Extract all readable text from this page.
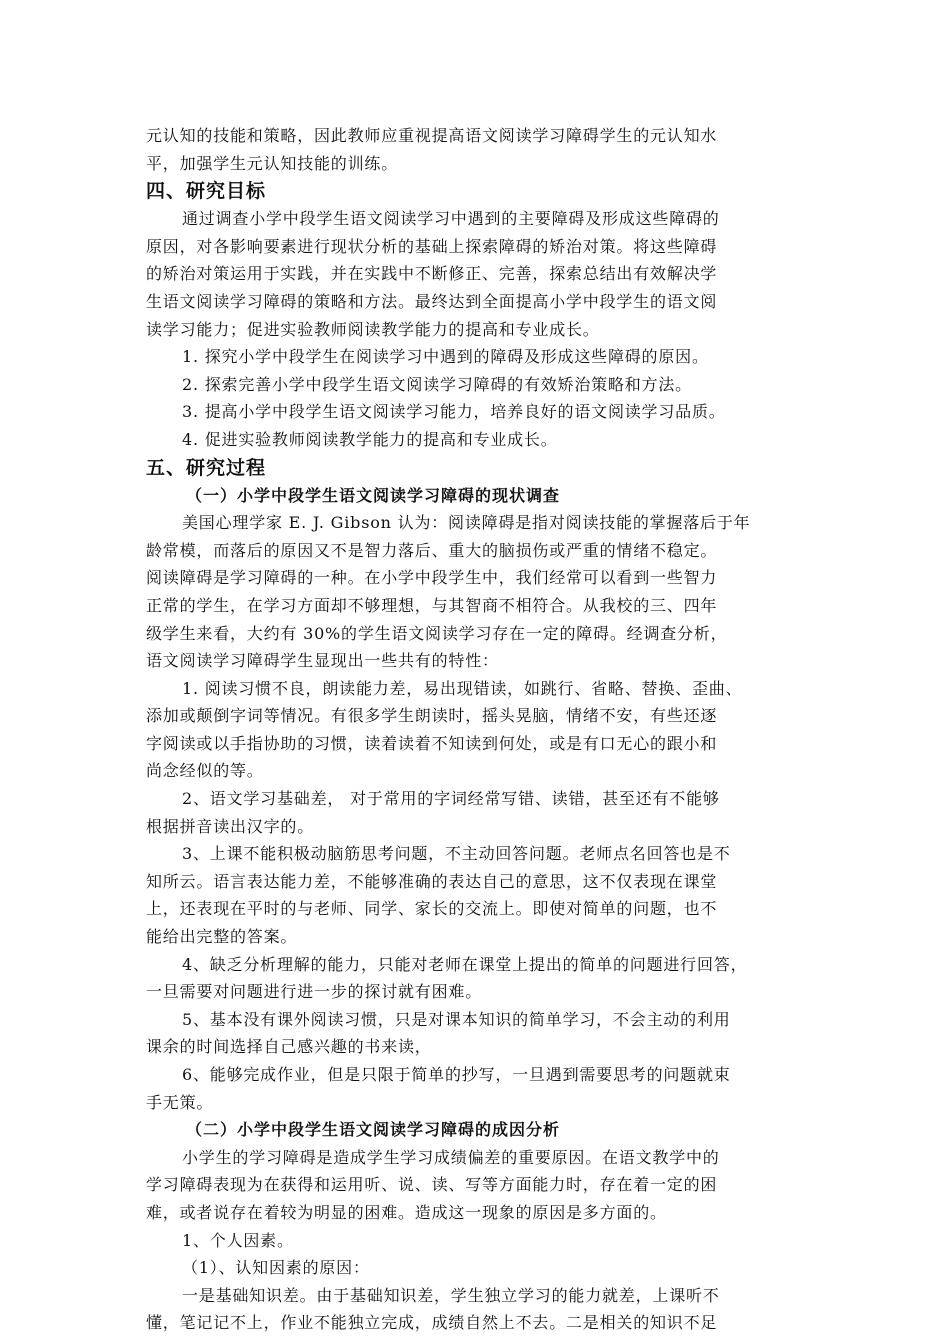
元认知的技能和策略，因此教师应重视提高语文阅读学习障碍学生的元认知水
平，加强学生元认知技能的训练。
四、研究目标
通过调查小学中段学生语文阅读学习中遇到的主要障碍及形成这些障碍的
原因，对各影响要素进行现状分析的基础上探索障碍的矫治对策。将这些障碍
的矫治对策运用于实践，并在实践中不断修正、完善，探索总结出有效解决学
生语文阅读学习障碍的策略和方法。最终达到全面提高小学中段学生的语文阅
读学习能力；促进实验教师阅读教学能力的提高和专业成长。
1. 探究小学中段学生在阅读学习中遇到的障碍及形成这些障碍的原因。
2. 探索完善小学中段学生语文阅读学习障碍的有效矫治策略和方法。
3. 提高小学中段学生语文阅读学习能力，培养良好的语文阅读学习品质。
4. 促进实验教师阅读教学能力的提高和专业成长。
五、研究过程
（一）小学中段学生语文阅读学习障碍的现状调查
美国心理学家 E. J. Gibson 认为：阅读障碍是指对阅读技能的掌握落后于年
龄常模，而落后的原因又不是智力落后、重大的脑损伤或严重的情绪不稳定。
阅读障碍是学习障碍的一种。在小学中段学生中，我们经常可以看到一些智力
正常的学生，在学习方面却不够理想，与其智商不相符合。从我校的三、四年
级学生来看，大约有 30%的学生语文阅读学习存在一定的障碍。经调查分析，
语文阅读学习障碍学生显现出一些共有的特性：
1. 阅读习惯不良，朗读能力差，易出现错读，如跳行、省略、替换、歪曲、
添加或颠倒字词等情况。有很多学生朗读时，摇头晃脑，情绪不安，有些还逐
字阅读或以手指协助的习惯，读着读着不知读到何处，或是有口无心的跟小和
尚念经似的等。
2、语文学习基础差， 对于常用的字词经常写错、读错，甚至还有不能够
根据拼音读出汉字的。
3、上课不能积极动脑筋思考问题，不主动回答问题。老师点名回答也是不
知所云。语言表达能力差，不能够准确的表达自己的意思，这不仅表现在课堂
上，还表现在平时的与老师、同学、家长的交流上。即使对简单的问题，也不
能给出完整的答案。
4、缺乏分析理解的能力，只能对老师在课堂上提出的简单的问题进行回答，
一旦需要对问题进行进一步的探讨就有困难。
5、基本没有课外阅读习惯，只是对课本知识的简单学习，不会主动的利用
课余的时间选择自己感兴趣的书来读，
6、能够完成作业，但是只限于简单的抄写，一旦遇到需要思考的问题就束
手无策。
（二）小学中段学生语文阅读学习障碍的成因分析
小学生的学习障碍是造成学生学习成绩偏差的重要原因。在语文教学中的
学习障碍表现为在获得和运用听、说、读、写等方面能力时，存在着一定的困
难，或者说存在着较为明显的困难。造成这一现象的原因是多方面的。
1、个人因素。
（1）、认知因素的原因：
一是基础知识差。由于基础知识差，学生独立学习的能力就差，上课听不
懂，笔记记不上，作业不能独立完成，成绩自然上不去。二是相关的知识不足
